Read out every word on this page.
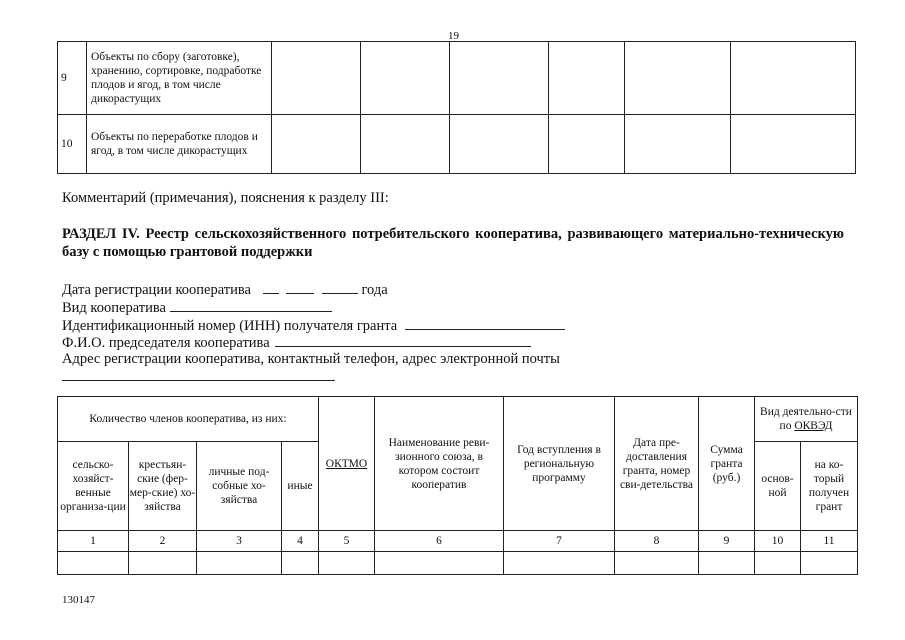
19
9	Объекты по сбору (заготовке), хранению, сортировке, подработке плодов и ягод, в том числе дикорастущих						
10	Объекты по переработке плодов и ягод, в том числе дикорастущих						
Комментарий (примечания), пояснения к разделу III:
РАЗДЕЛ IV. Реестр сельскохозяйственного потребительского кооператива, развивающего материально-техническую базу с помощью грантовой поддержки
Дата регистрации кооператива	года
Вид кооператива
Идентификационный номер (ИНН) получателя гранта
Ф.И.О. председателя кооператива
Адрес регистрации кооператива, контактный телефон, адрес электронной почты
Количество членов кооператива, из них:				ОКТМО	Наименование реви-зионного союза, в котором состоит кооператив	Год вступления в региональную программу	Дата пре-доставления гранта, номер сви-детельства	Сумма гранта (руб.)	Вид деятельно-сти по ОКВЭД	
сельско-хозяйст-венные организа-ции	крестьян-ские (фер-мер-ские) хо-зяйства	личные под-собные хо-зяйства	иные						основ-ной	на ко-торый получен грант
1	2	3	4	5	6	7	8	9	10	11

130147
